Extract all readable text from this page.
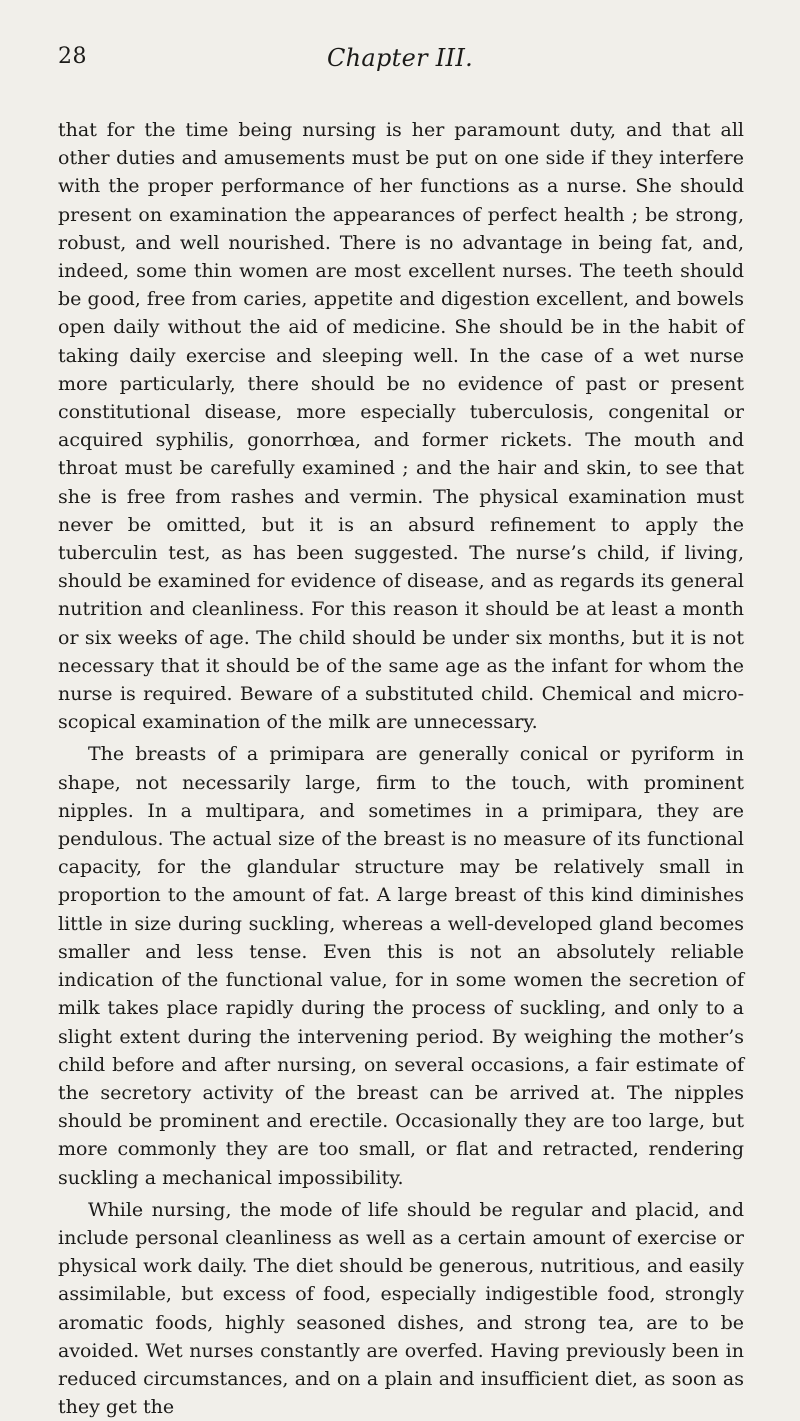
28	Chapter III.

that for the time being nursing is her paramount duty, and that all other duties and amusements must be put on one side if they interfere with the proper performance of her functions as a nurse. She should present on examination the appearances of perfect health ; be strong, robust, and well nourished. There is no advantage in being fat, and, indeed, some thin women are most excellent nurses. The teeth should be good, free from caries, appetite and digestion excellent, and bowels open daily without the aid of medicine. She should be in the habit of taking daily exercise and sleeping well. In the case of a wet nurse more particularly, there should be no evidence of past or present constitutional disease, more especially tuberculosis, congenital or acquired syphilis, gonorrhœa, and former rickets. The mouth and throat must be carefully examined ; and the hair and skin, to see that she is free from rashes and vermin. The physical examination must never be omitted, but it is an absurd refinement to apply the tuberculin test, as has been suggested. The nurse’s child, if living, should be examined for evidence of disease, and as regards its general nutrition and cleanliness. For this reason it should be at least a month or six weeks of age. The child should be under six months, but it is not necessary that it should be of the same age as the infant for whom the nurse is required. Beware of a substituted child. Chemical and micro-scopical examination of the milk are unnecessary.

The breasts of a primipara are generally conical or pyriform in shape, not necessarily large, firm to the touch, with prominent nipples. In a multipara, and sometimes in a primipara, they are pendulous. The actual size of the breast is no measure of its functional capacity, for the glandular structure may be relatively small in proportion to the amount of fat. A large breast of this kind diminishes little in size during suckling, whereas a well-developed gland becomes smaller and less tense. Even this is not an absolutely reliable indication of the functional value, for in some women the secretion of milk takes place rapidly during the process of suckling, and only to a slight extent during the intervening period. By weighing the mother’s child before and after nursing, on several occasions, a fair estimate of the secretory activity of the breast can be arrived at. The nipples should be prominent and erectile. Occasionally they are too large, but more commonly they are too small, or flat and retracted, rendering suckling a mechanical impossibility.

While nursing, the mode of life should be regular and placid, and include personal cleanliness as well as a certain amount of exercise or physical work daily. The diet should be generous, nutritious, and easily assimilable, but excess of food, especially indigestible food, strongly aromatic foods, highly seasoned dishes, and strong tea, are to be avoided. Wet nurses constantly are overfed. Having previously been in reduced circumstances, and on a plain and insufficient diet, as soon as they get the
